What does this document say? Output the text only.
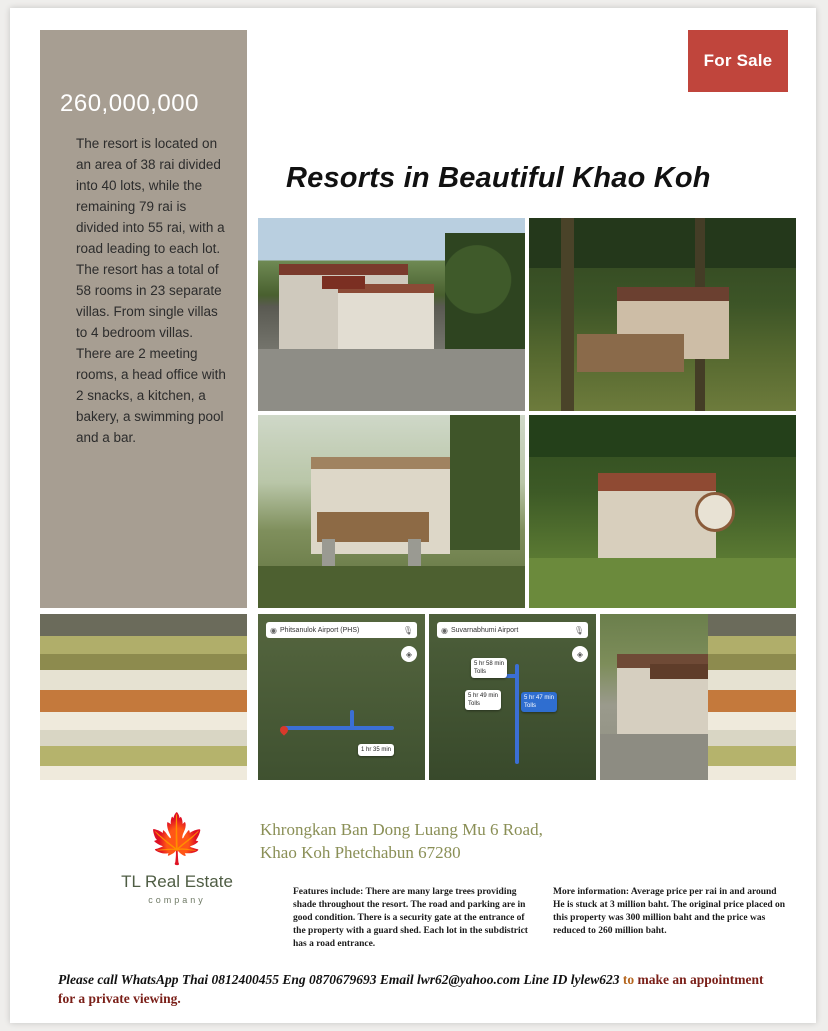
For Sale
260,000,000
The resort is located on an area of 38 rai divided into 40 lots, while the remaining 79 rai is divided into 55 rai, with a road leading to each lot. The resort has a total of 58 rooms in 23 separate villas. From single villas to 4 bedroom villas. There are 2 meeting rooms, a head office with 2 snacks, a kitchen, a bakery, a swimming pool and a bar.
Resorts in Beautiful Khao Koh
◉ Phitsanulok Airport (PHS)	🎙
◈
1 hr 35 min
◉ Suvarnabhumi Airport	🎙
◈
5 hr 58 min
Tolls
5 hr 49 min
Tolls
5 hr 47 min
Tolls
🍁
TL Real Estate
company
Khrongkan Ban Dong Luang Mu 6 Road,
Khao Koh Phetchabun 67280
Features include: There are many large trees providing shade throughout the resort. The road and parking are in good condition. There is a security gate at the entrance of the property with a guard shed. Each lot in the subdistrict has a road entrance.
More information: Average price per rai in and around He is stuck at 3 million baht. The original price placed on this property was 300 million baht and the price was reduced to 260 million baht.
Please call WhatsApp Thai 0812400455 Eng 0870679693 Email lwr62@yahoo.com Line ID lylew623 to make an appointment for a private viewing.
